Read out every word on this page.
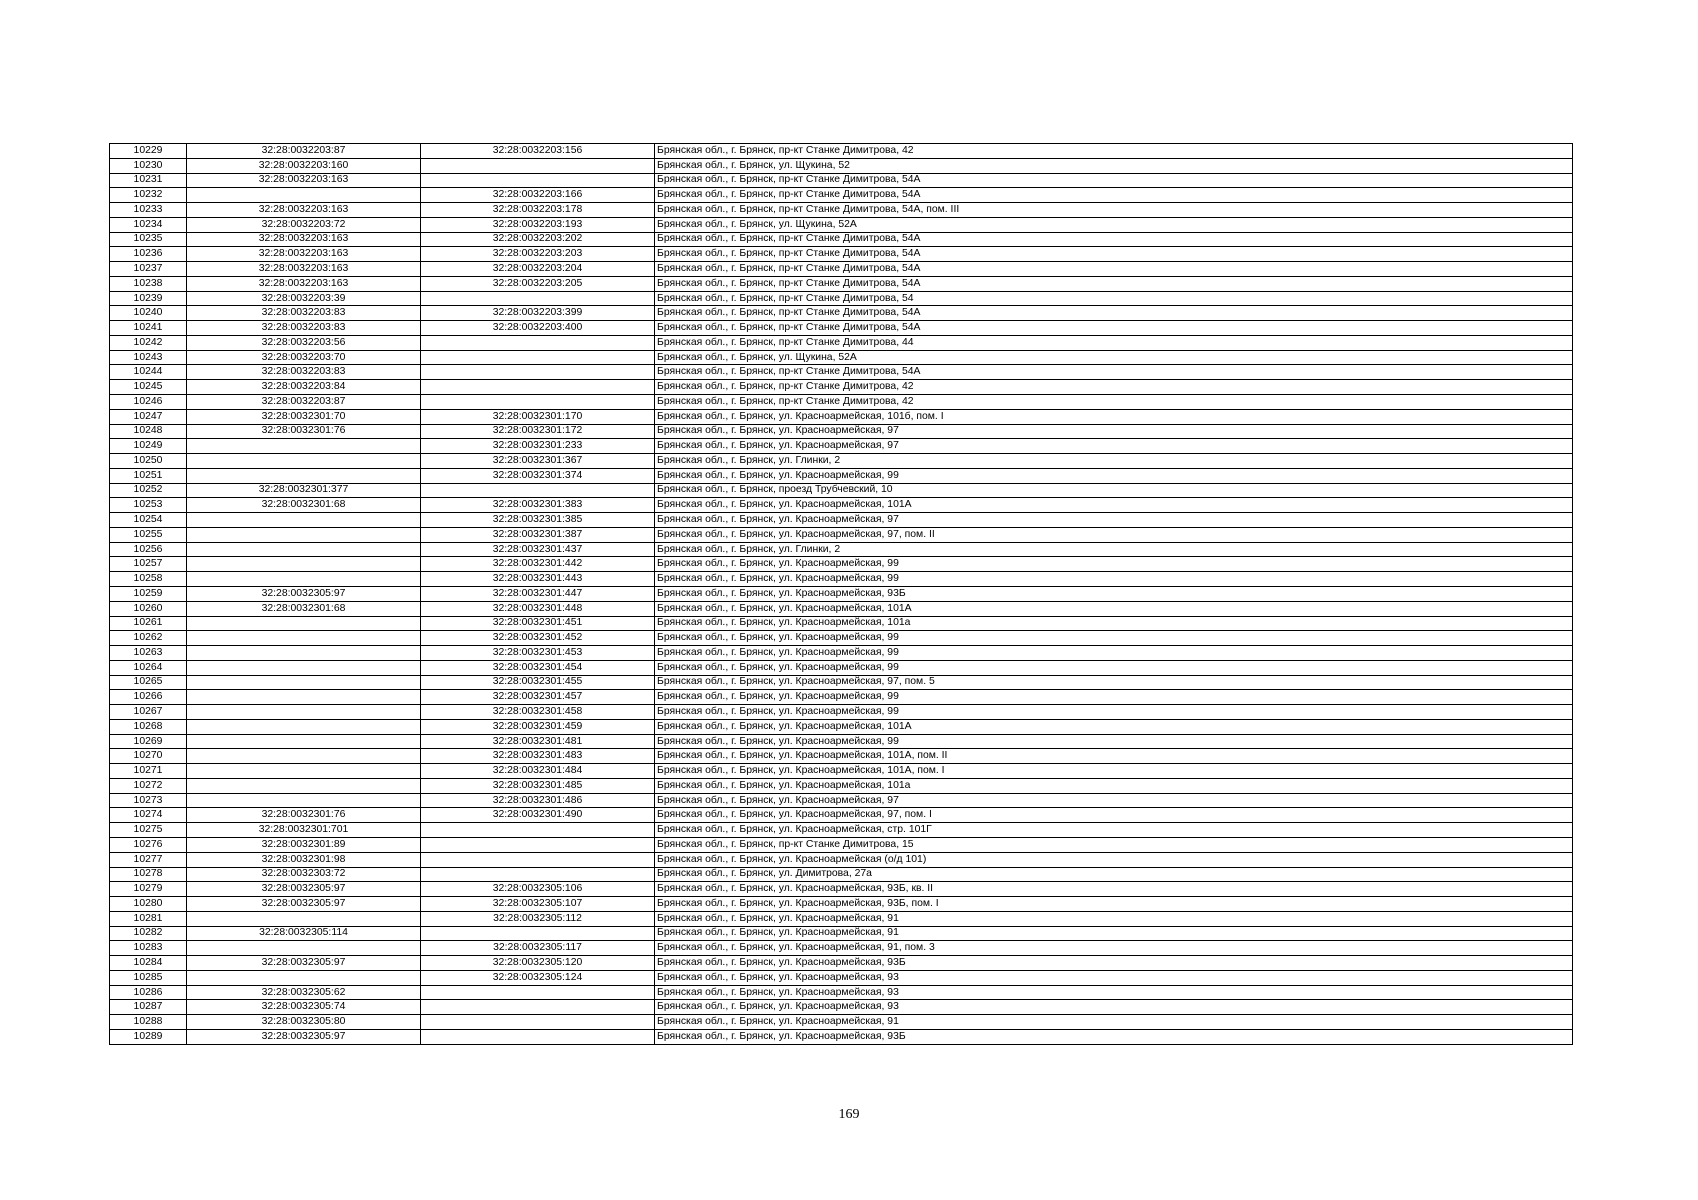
10229	32:28:0032203:87	32:28:0032203:156	Брянская обл., г. Брянск, пр-кт Станке Димитрова, 42
10230	32:28:0032203:160		Брянская обл., г. Брянск, ул. Щукина, 52
10231	32:28:0032203:163		Брянская обл., г. Брянск, пр-кт Станке Димитрова, 54А
10232		32:28:0032203:166	Брянская обл., г. Брянск, пр-кт Станке Димитрова, 54А
10233	32:28:0032203:163	32:28:0032203:178	Брянская обл., г. Брянск, пр-кт Станке Димитрова, 54А, пом. III
10234	32:28:0032203:72	32:28:0032203:193	Брянская обл., г. Брянск, ул. Щукина, 52А
10235	32:28:0032203:163	32:28:0032203:202	Брянская обл., г. Брянск, пр-кт Станке Димитрова, 54А
10236	32:28:0032203:163	32:28:0032203:203	Брянская обл., г. Брянск, пр-кт Станке Димитрова, 54А
10237	32:28:0032203:163	32:28:0032203:204	Брянская обл., г. Брянск, пр-кт Станке Димитрова, 54А
10238	32:28:0032203:163	32:28:0032203:205	Брянская обл., г. Брянск, пр-кт Станке Димитрова, 54А
10239	32:28:0032203:39		Брянская обл., г. Брянск, пр-кт Станке Димитрова, 54
10240	32:28:0032203:83	32:28:0032203:399	Брянская обл., г. Брянск, пр-кт Станке Димитрова, 54А
10241	32:28:0032203:83	32:28:0032203:400	Брянская обл., г. Брянск, пр-кт Станке Димитрова, 54А
10242	32:28:0032203:56		Брянская обл., г. Брянск, пр-кт Станке Димитрова, 44
10243	32:28:0032203:70		Брянская обл., г. Брянск, ул. Щукина, 52А
10244	32:28:0032203:83		Брянская обл., г. Брянск, пр-кт Станке Димитрова, 54А
10245	32:28:0032203:84		Брянская обл., г. Брянск, пр-кт Станке Димитрова, 42
10246	32:28:0032203:87		Брянская обл., г. Брянск, пр-кт Станке Димитрова, 42
10247	32:28:0032301:70	32:28:0032301:170	Брянская обл., г. Брянск, ул. Красноармейская, 101б, пом. I
10248	32:28:0032301:76	32:28:0032301:172	Брянская обл., г. Брянск, ул. Красноармейская, 97
10249		32:28:0032301:233	Брянская обл., г. Брянск, ул. Красноармейская, 97
10250		32:28:0032301:367	Брянская обл., г. Брянск, ул. Глинки, 2
10251		32:28:0032301:374	Брянская обл., г. Брянск, ул. Красноармейская, 99
10252	32:28:0032301:377		Брянская обл., г. Брянск, проезд Трубчевский, 10
10253	32:28:0032301:68	32:28:0032301:383	Брянская обл., г. Брянск, ул. Красноармейская, 101А
10254		32:28:0032301:385	Брянская обл., г. Брянск, ул. Красноармейская, 97
10255		32:28:0032301:387	Брянская обл., г. Брянск, ул. Красноармейская, 97, пом. II
10256		32:28:0032301:437	Брянская обл., г. Брянск, ул. Глинки, 2
10257		32:28:0032301:442	Брянская обл., г. Брянск, ул. Красноармейская, 99
10258		32:28:0032301:443	Брянская обл., г. Брянск, ул. Красноармейская, 99
10259	32:28:0032305:97	32:28:0032301:447	Брянская обл., г. Брянск, ул. Красноармейская, 93Б
10260	32:28:0032301:68	32:28:0032301:448	Брянская обл., г. Брянск, ул. Красноармейская, 101А
10261		32:28:0032301:451	Брянская обл., г. Брянск, ул. Красноармейская, 101а
10262		32:28:0032301:452	Брянская обл., г. Брянск, ул. Красноармейская, 99
10263		32:28:0032301:453	Брянская обл., г. Брянск, ул. Красноармейская, 99
10264		32:28:0032301:454	Брянская обл., г. Брянск, ул. Красноармейская, 99
10265		32:28:0032301:455	Брянская обл., г. Брянск, ул. Красноармейская, 97, пом. 5
10266		32:28:0032301:457	Брянская обл., г. Брянск, ул. Красноармейская, 99
10267		32:28:0032301:458	Брянская обл., г. Брянск, ул. Красноармейская, 99
10268		32:28:0032301:459	Брянская обл., г. Брянск, ул. Красноармейская, 101А
10269		32:28:0032301:481	Брянская обл., г. Брянск, ул. Красноармейская, 99
10270		32:28:0032301:483	Брянская обл., г. Брянск, ул. Красноармейская, 101А, пом. II
10271		32:28:0032301:484	Брянская обл., г. Брянск, ул. Красноармейская, 101А, пом. I
10272		32:28:0032301:485	Брянская обл., г. Брянск, ул. Красноармейская, 101а
10273		32:28:0032301:486	Брянская обл., г. Брянск, ул. Красноармейская, 97
10274	32:28:0032301:76	32:28:0032301:490	Брянская обл., г. Брянск, ул. Красноармейская, 97, пом. I
10275	32:28:0032301:701		Брянская обл., г. Брянск, ул. Красноармейская, стр. 101Г
10276	32:28:0032301:89		Брянская обл., г. Брянск, пр-кт Станке Димитрова, 15
10277	32:28:0032301:98		Брянская обл., г. Брянск, ул. Красноармейская (о/д 101)
10278	32:28:0032303:72		Брянская обл., г. Брянск, ул. Димитрова, 27а
10279	32:28:0032305:97	32:28:0032305:106	Брянская обл., г. Брянск, ул. Красноармейская, 93Б, кв. II
10280	32:28:0032305:97	32:28:0032305:107	Брянская обл., г. Брянск, ул. Красноармейская, 93Б, пом. I
10281		32:28:0032305:112	Брянская обл., г. Брянск, ул. Красноармейская, 91
10282	32:28:0032305:114		Брянская обл., г. Брянск, ул. Красноармейская, 91
10283		32:28:0032305:117	Брянская обл., г. Брянск, ул. Красноармейская, 91, пом. 3
10284	32:28:0032305:97	32:28:0032305:120	Брянская обл., г. Брянск, ул. Красноармейская, 93Б
10285		32:28:0032305:124	Брянская обл., г. Брянск, ул. Красноармейская, 93
10286	32:28:0032305:62		Брянская обл., г. Брянск, ул. Красноармейская, 93
10287	32:28:0032305:74		Брянская обл., г. Брянск, ул. Красноармейская, 93
10288	32:28:0032305:80		Брянская обл., г. Брянск, ул. Красноармейская, 91
10289	32:28:0032305:97		Брянская обл., г. Брянск, ул. Красноармейская, 93Б
169
